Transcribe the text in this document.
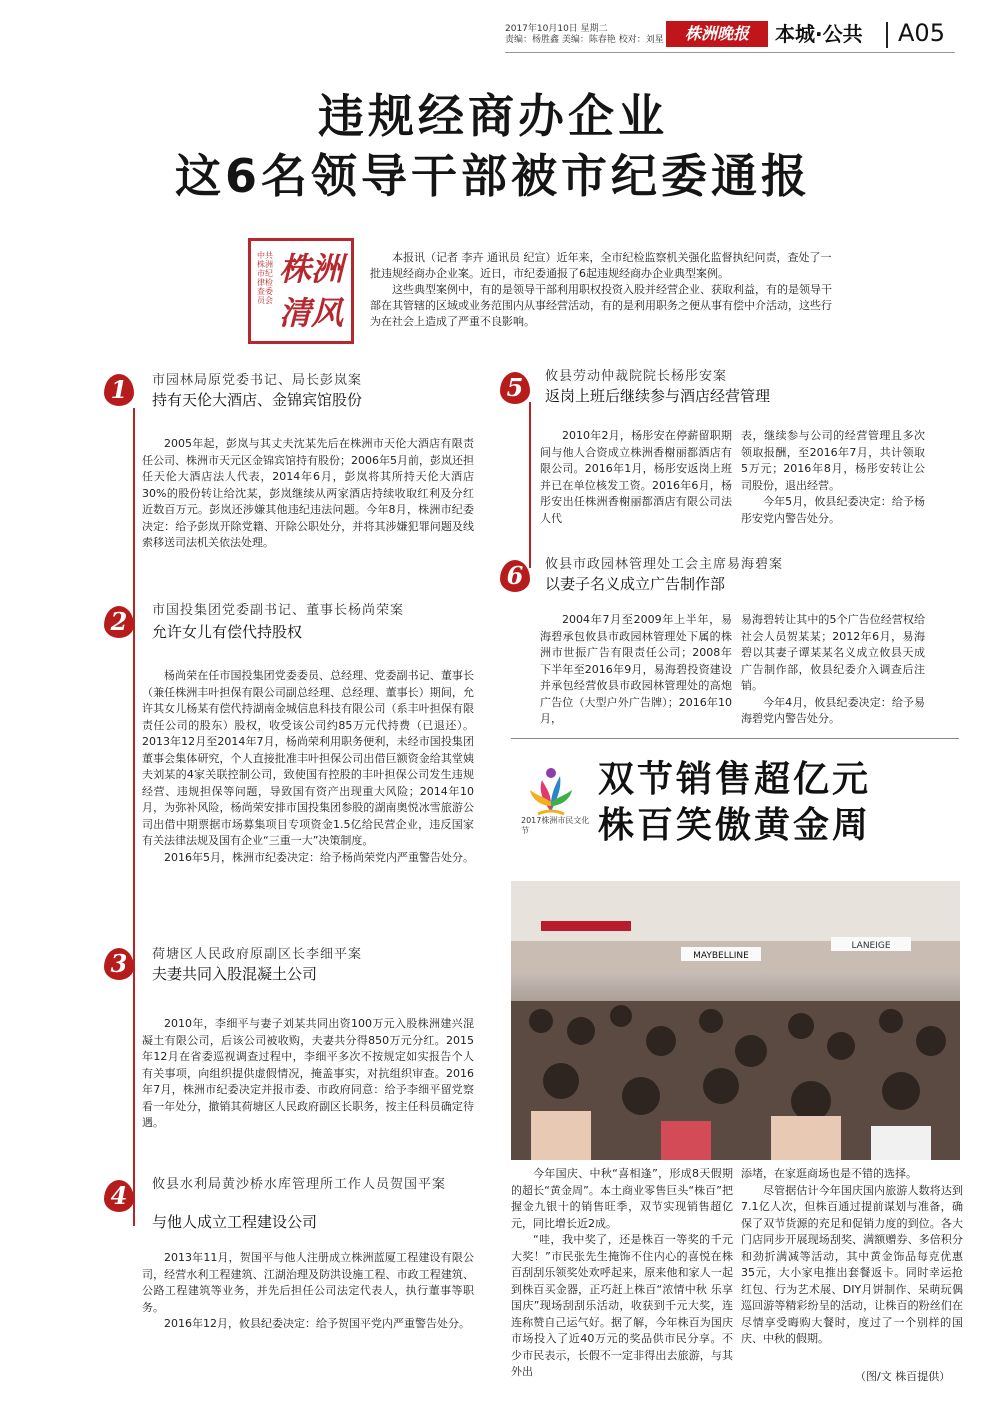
2017年10月10日 星期二
责编：杨胜鑫 美编：陈春艳 校对：刘星	株洲晚报	本城·公共 A05
违规经商办企业
这6名领导干部被市纪委通报
中共株洲市纪律检查委员会
株洲清风

本报讯（记者 李卉 通讯员 纪宣）近年来，全市纪检监察机关强化监督执纪问责，查处了一批违规经商办企业案。近日，市纪委通报了6起违规经商办企业典型案例。

这些典型案例中，有的是领导干部利用职权投资入股并经营企业、获取利益，有的是领导干部在其管辖的区域或业务范围内从事经营活动，有的是利用职务之便从事有偿中介活动，这些行为在社会上造成了严重不良影响。

1	市园林局原党委书记、局长彭岚案
持有天伦大酒店、金锦宾馆股份

2005年起，彭岚与其丈夫沈某先后在株洲市天伦大酒店有限责任公司、株洲市天元区金锦宾馆持有股份；2006年5月前，彭岚还担任天伦大酒店法人代表，2014年6月，彭岚将其所持天伦大酒店30%的股份转让给沈某，彭岚继续从两家酒店持续收取红利及分红近数百万元。彭岚还涉嫌其他违纪违法问题。今年8月，株洲市纪委决定：给予彭岚开除党籍、开除公职处分，并将其涉嫌犯罪问题及线索移送司法机关依法处理。

2	市国投集团党委副书记、董事长杨尚荣案
允许女儿有偿代持股权

杨尚荣在任市国投集团党委委员、总经理、党委副书记、董事长（兼任株洲丰叶担保有限公司副总经理、总经理、董事长）期间，允许其女儿杨某有偿代持湖南金城信息科技有限公司（系丰叶担保有限责任公司的股东）股权，收受该公司约85万元代持费（已退还）。2013年12月至2014年7月，杨尚荣利用职务便利，未经市国投集团董事会集体研究，个人直接批准丰叶担保公司出借巨额资金给其堂姨夫刘某的4家关联控制公司，致使国有控股的丰叶担保公司发生违规经营、违规担保等问题，导致国有资产出现重大风险；2014年10月，为弥补风险，杨尚荣安排市国投集团参股的湖南奥悦冰雪旅游公司出借中期票据市场募集项目专项资金1.5亿给民营企业，违反国家有关法律法规及国有企业“三重一大”决策制度。

2016年5月，株洲市纪委决定：给予杨尚荣党内严重警告处分。

3	荷塘区人民政府原副区长李细平案
夫妻共同入股混凝土公司

2010年，李细平与妻子刘某共同出资100万元入股株洲建兴混凝土有限公司，后该公司被收购，夫妻共分得850万元分红。2015年12月在省委巡视调查过程中，李细平多次不按规定如实报告个人有关事项，向组织提供虚假情况，掩盖事实，对抗组织审查。2016年7月，株洲市纪委决定并报市委、市政府同意：给予李细平留党察看一年处分，撤销其荷塘区人民政府副区长职务，按主任科员确定待遇。

4	攸县水利局黄沙桥水库管理所工作人员贺国平案
与他人成立工程建设公司

2013年11月，贺国平与他人注册成立株洲蓝厦工程建设有限公司，经营水利工程建筑、江湖治理及防洪设施工程、市政工程建筑、公路工程建筑等业务，并先后担任公司法定代表人，执行董事等职务。

2016年12月，攸县纪委决定：给予贺国平党内严重警告处分。

5	攸县劳动仲裁院院长杨彤安案
返岗上班后继续参与酒店经营管理

2010年2月，杨彤安在停薪留职期间与他人合资成立株洲香榭丽都酒店有限公司。2016年1月，杨彤安返岗上班并已在单位核发工资。2016年6月，杨彤安出任株洲香榭丽都酒店有限公司法人代

表，继续参与公司的经营管理且多次领取报酬，至2016年7月，共计领取5万元；2016年8月，杨彤安转让公司股份，退出经营。

今年5月，攸县纪委决定：给予杨彤安党内警告处分。

6	攸县市政园林管理处工会主席易海碧案
以妻子名义成立广告制作部

2004年7月至2009年上半年，易海碧承包攸县市政园林管理处下属的株洲市世振广告有限责任公司；2008年下半年至2016年9月，易海碧投资建设并承包经营攸县市政园林管理处的高炮广告位（大型户外广告牌）；2016年10月，

易海碧转让其中的5个广告位经营权给社会人员贺某某；2012年6月，易海碧以其妻子谭某某名义成立攸县天成广告制作部，攸县纪委介入调查后注销。

今年4月，攸县纪委决定：给予易海碧党内警告处分。

2017株洲市民文化节
双节销售超亿元
株百笑傲黄金周
MAYBELLINE
LANEIGE

今年国庆、中秋“喜相逢”，形成8天假期的超长“黄金周”。本土商业零售巨头“株百”把握金九银十的销售旺季，双节实现销售超亿元，同比增长近2成。

“哇，我中奖了，还是株百一等奖的千元大奖！”市民张先生掩饰不住内心的喜悦在株百刮刮乐领奖处欢呼起来，原来他和家人一起到株百买金器，正巧赶上株百“浓情中秋 乐享国庆”现场刮刮乐活动，收获到千元大奖，连连称赞自己运气好。据了解，今年株百为国庆市场投入了近40万元的奖品供市民分享。不少市民表示，长假不一定非得出去旅游，与其外出

添堵，在家逛商场也是不错的选择。

尽管据估计今年国庆国内旅游人数将达到7.1亿人次，但株百通过提前谋划与准备，确保了双节货源的充足和促销力度的到位。各大门店同步开展现场刮奖、满额赠券、多倍积分和劲折满减等活动，其中黄金饰品每克优惠35元，大小家电推出套餐返卡。同时幸运抢红包、行为艺术展、DIY月饼制作、呆萌玩偶巡回游等精彩纷呈的活动，让株百的粉丝们在尽情享受晦购大餐时，度过了一个别样的国庆、中秋的假期。

（图/文 株百提供）
